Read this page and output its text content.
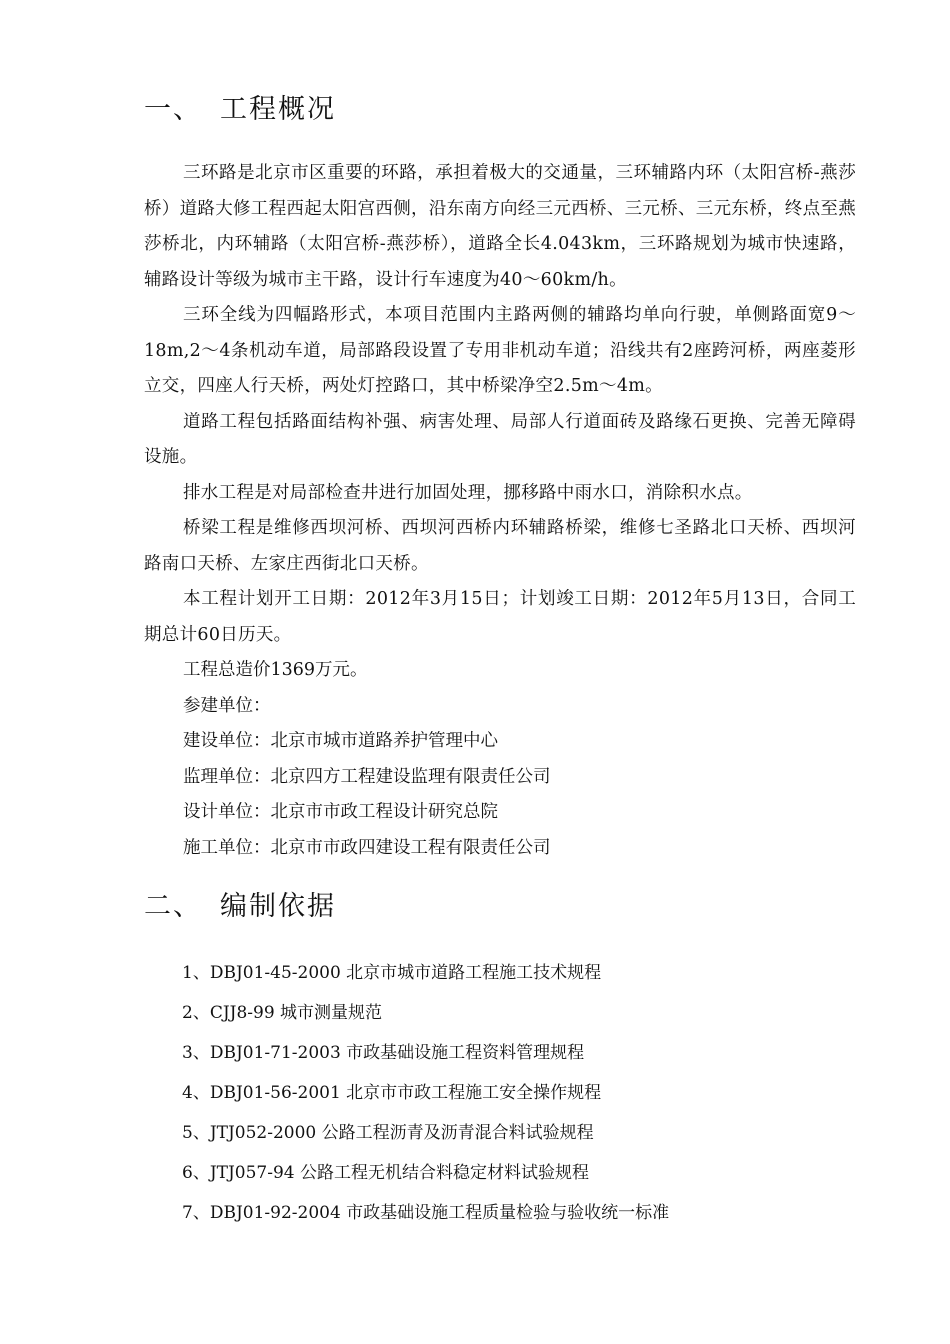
一、 工程概况

三环路是北京市区重要的环路，承担着极大的交通量，三环辅路内环（太阳宫桥-燕莎桥）道路大修工程西起太阳宫西侧，沿东南方向经三元西桥、三元桥、三元东桥，终点至燕莎桥北，内环辅路（太阳宫桥-燕莎桥），道路全长4.043km，三环路规划为城市快速路，辅路设计等级为城市主干路，设计行车速度为40～60km/h。

三环全线为四幅路形式，本项目范围内主路两侧的辅路均单向行驶，单侧路面宽9～18m,2～4条机动车道，局部路段设置了专用非机动车道；沿线共有2座跨河桥，两座菱形立交，四座人行天桥，两处灯控路口，其中桥梁净空2.5m～4m。

道路工程包括路面结构补强、病害处理、局部人行道面砖及路缘石更换、完善无障碍设施。

排水工程是对局部检查井进行加固处理，挪移路中雨水口，消除积水点。

桥梁工程是维修西坝河桥、西坝河西桥内环辅路桥梁，维修七圣路北口天桥、西坝河路南口天桥、左家庄西街北口天桥。

本工程计划开工日期：2012年3月15日；计划竣工日期：2012年5月13日，合同工期总计60日历天。

工程总造价1369万元。

参建单位：

建设单位：北京市城市道路养护管理中心

监理单位：北京四方工程建设监理有限责任公司

设计单位：北京市市政工程设计研究总院

施工单位：北京市市政四建设工程有限责任公司

二、 编制依据
1、DBJ01-45-2000 北京市城市道路工程施工技术规程
2、CJJ8-99 城市测量规范
3、DBJ01-71-2003 市政基础设施工程资料管理规程
4、DBJ01-56-2001 北京市市政工程施工安全操作规程
5、JTJ052-2000 公路工程沥青及沥青混合料试验规程
6、JTJ057-94 公路工程无机结合料稳定材料试验规程
7、DBJ01-92-2004 市政基础设施工程质量检验与验收统一标准
